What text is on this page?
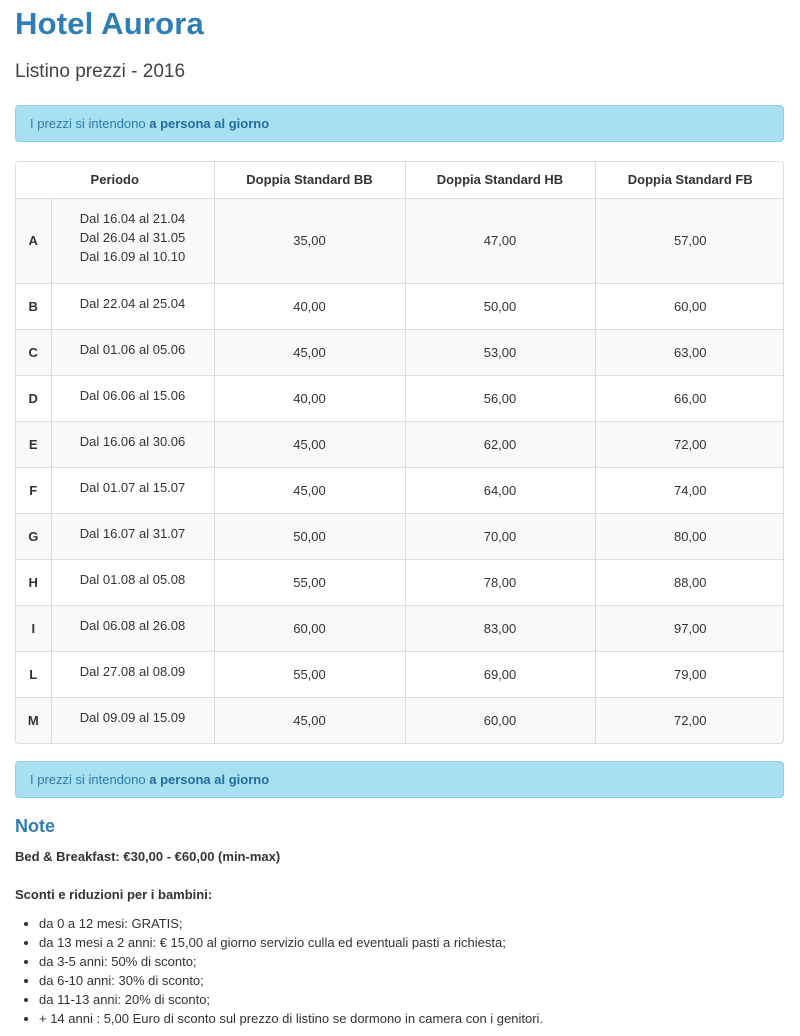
Hotel Aurora
Listino prezzi - 2016
I prezzi si intendono a persona al giorno
Periodo		Doppia Standard BB	Doppia Standard HB	Doppia Standard FB
A	Dal 16.04 al 21.04
Dal 26.04 al 31.05
Dal 16.09 al 10.10	35,00	47,00	57,00
B	Dal 22.04 al 25.04	40,00	50,00	60,00
C	Dal 01.06 al 05.06	45,00	53,00	63,00
D	Dal 06.06 al 15.06	40,00	56,00	66,00
E	Dal 16.06 al 30.06	45,00	62,00	72,00
F	Dal 01.07 al 15.07	45,00	64,00	74,00
G	Dal 16.07 al 31.07	50,00	70,00	80,00
H	Dal 01.08 al 05.08	55,00	78,00	88,00
I	Dal 06.08 al 26.08	60,00	83,00	97,00
L	Dal 27.08 al 08.09	55,00	69,00	79,00
M	Dal 09.09 al 15.09	45,00	60,00	72,00
I prezzi si intendono a persona al giorno
Note
Bed & Breakfast: €30,00 - €60,00 (min-max)
Sconti e riduzioni per i bambini:
• da 0 a 12 mesi: GRATIS;
• da 13 mesi a 2 anni: € 15,00 al giorno servizio culla ed eventuali pasti a richiesta;
• da 3-5 anni: 50% di sconto;
• da 6-10 anni: 30% di sconto;
• da 11-13 anni: 20% di sconto;
• + 14 anni : 5,00 Euro di sconto sul prezzo di listino se dormono in camera con i genitori.
